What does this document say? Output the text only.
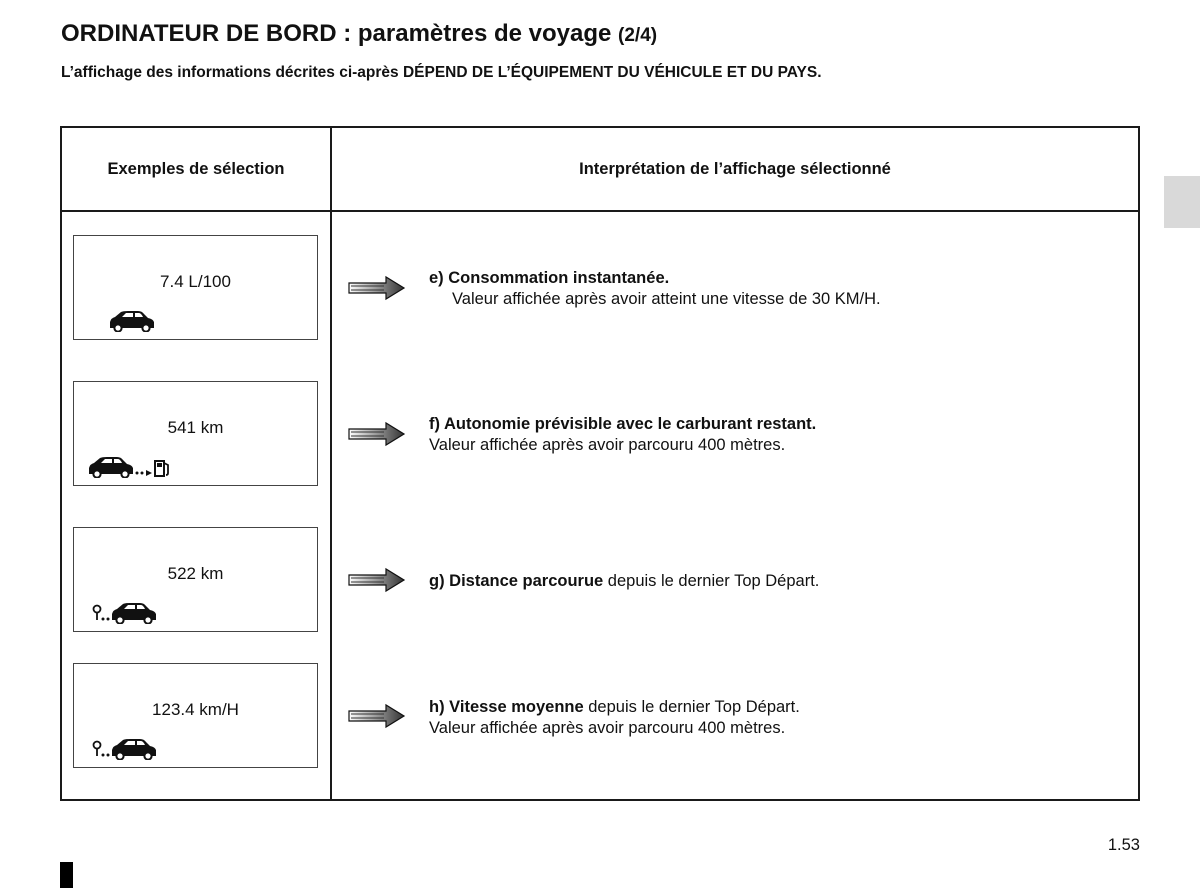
ORDINATEUR DE BORD : paramètres de voyage (2/4)
L’affichage des informations décrites ci-après DÉPEND DE L’ÉQUIPEMENT DU VÉHICULE ET DU PAYS.
Exemples de sélection	Interprétation de l’affichage sélectionné
7.4 L/100	e) Consommation instantanée.
Valeur affichée après avoir atteint une vitesse de 30 KM/H.
541 km	f) Autonomie prévisible avec le carburant restant.
Valeur affichée après avoir parcouru 400 mètres.
522 km	g) Distance parcourue depuis le dernier Top Départ.
123.4 km/H	h) Vitesse moyenne depuis le dernier Top Départ.
Valeur affichée après avoir parcouru 400 mètres.
1.53
